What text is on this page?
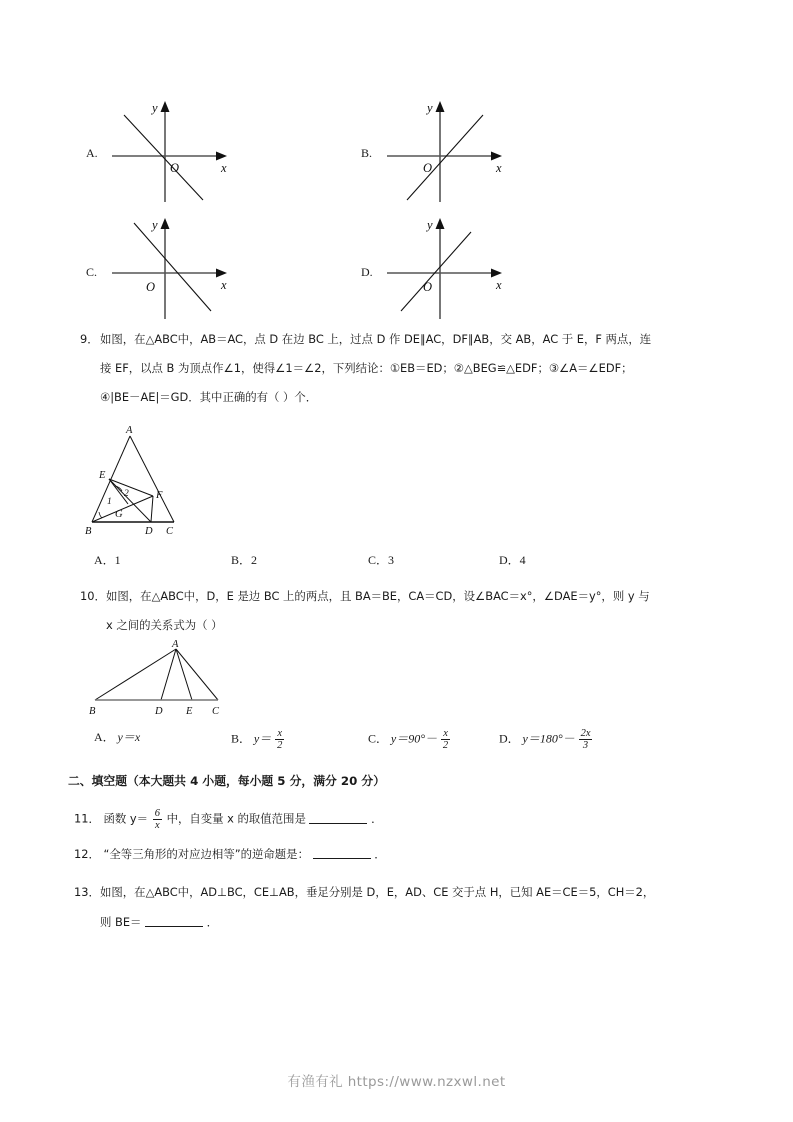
A.
y
x
O
B.
y
x
O
C.
y
x
O
D.
y
x
O
9． 如图，在△ABC中，AB＝AC，点 D 在边 BC 上，过点 D 作 DE∥AC，DF∥AB，交 AB，AC 于 E，F 两点，连
接 EF，以点 B 为顶点作∠1，使得∠1＝∠2，下列结论：①EB＝ED；②△BEG≌△EDF；③∠A＝∠EDF；
④|BE－AE|＝GD．其中正确的有（ ）个．
A
E
F
B
G
D C
1
2
A．1	B．2	C．3	D．4
10． 如图，在△ABC中，D，E 是边 BC 上的两点，且 BA＝BE，CA＝CD，设∠BAC＝x°，∠DAE＝y°，则 y 与
x 之间的关系式为（ ）
A
B	D E C
A． y＝x	B． $y= \frac{x}{2}$	C． $y=90^\circ- \frac{x}{2}$	D． $y=180^\circ- \frac{2x}{3}$
二、填空题（本大题共 4 小题，每小题 5 分，满分 20 分）
11． 函数 $y= \frac{6}{x}$ 中，自变量 x 的取值范围是	．
12． “全等三角形的对应边相等”的逆命题是：	．
13． 如图，在△ABC中，AD⊥BC，CE⊥AB，垂足分别是 D，E，AD、CE 交于点 H，已知 AE＝CE＝5，CH＝2，
则 BE＝	．
有渔有礼 https://www.nzxwl.net
